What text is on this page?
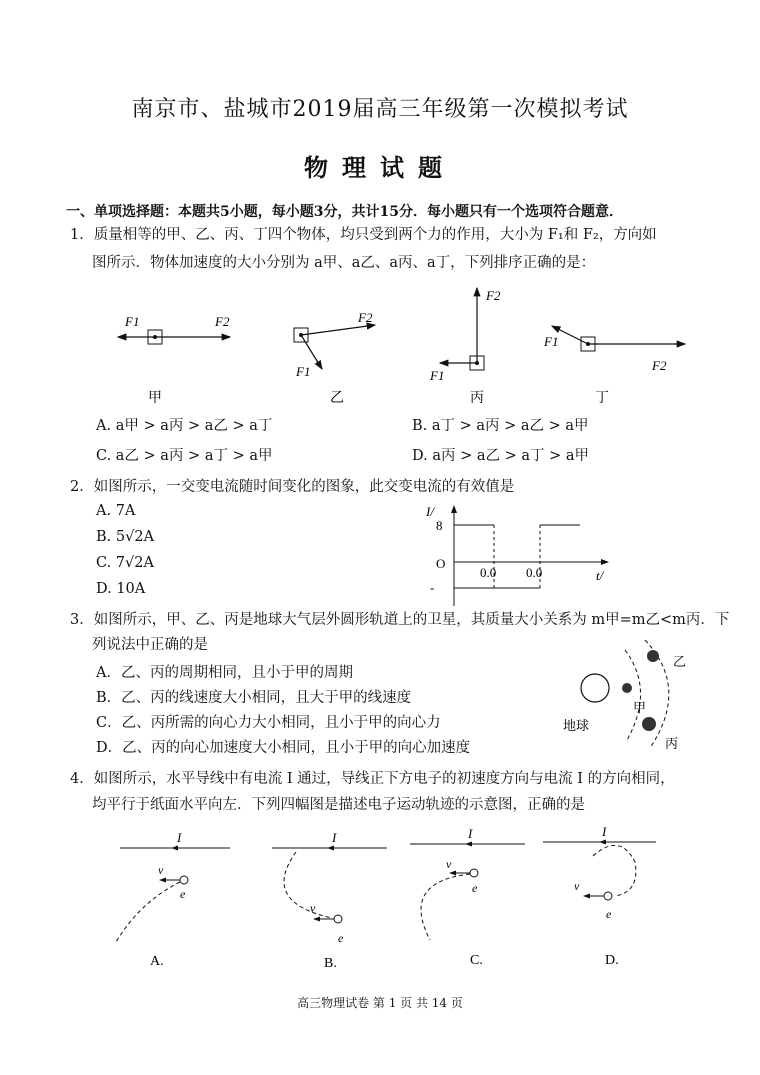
南京市、盐城市2019届高三年级第一次模拟考试
物理试题
一、单项选择题：本题共5小题，每小题3分，共计15分．每小题只有一个选项符合题意．
1．质量相等的甲、乙、丙、丁四个物体，均只受到两个力的作用，大小为 F₁和 F₂，方向如
图所示．物体加速度的大小分别为 a甲、a乙、a丙、a丁，下列排序正确的是：
F1	F2
甲
F2
F1
乙
F2
F1
丙
F1
F2
丁
A. a甲 > a丙 > a乙 > a丁	B. a丁 > a丙 > a乙 > a甲
C. a乙 > a丙 > a丁 > a甲	D. a丙 > a乙 > a丁 > a甲
2．如图所示，一交变电流随时间变化的图象，此交变电流的有效值是
A. 7A
B. 5√2A
C. 7√2A
D. 10A
I/
8
O
-
0.0 0.0	t/
3．如图所示，甲、乙、丙是地球大气层外圆形轨道上的卫星，其质量大小关系为 m甲=m乙<m丙．下
列说法中正确的是
A．乙、丙的周期相同，且小于甲的周期
B．乙、丙的线速度大小相同，且大于甲的线速度
C．乙、丙所需的向心力大小相同，且小于甲的向心力
D．乙、丙的向心加速度大小相同，且小于甲的向心加速度
地球
甲
乙
丙
4．如图所示，水平导线中有电流 I 通过，导线正下方电子的初速度方向与电流 I 的方向相同，
均平行于纸面水平向左．下列四幅图是描述电子运动轨迹的示意图，正确的是
I
v
e
A.
I
v
e
B.
I
v
e
C.
I
v
e
D.
高三物理试卷 第 1 页 共 14 页
